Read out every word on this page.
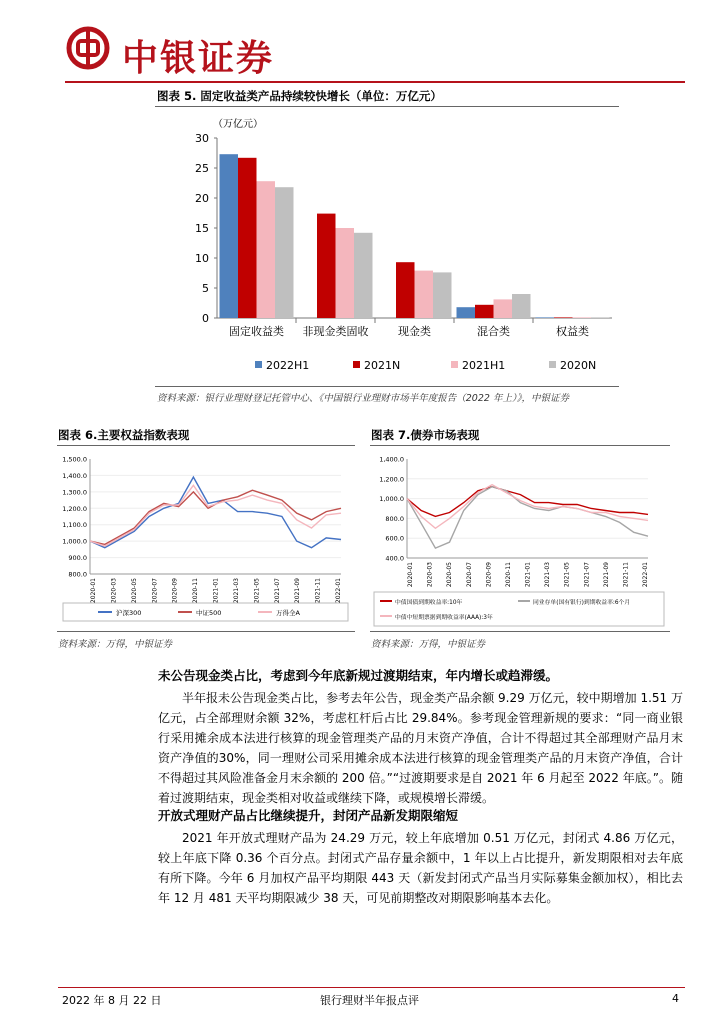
中银证券
图表 5. 固定收益类产品持续较快增长（单位：万亿元）
（万亿元）
0
5
10
15
20
25
30
固定收益类 非现金类固收	现金类	混合类	权益类
2022H1	2021N	2021H1	2020N
资料来源：银行业理财登记托管中心、《中国银行业理财市场半年度报告（2022 年上）》，中银证券
图表 6.主要权益指数表现
1,500.0
1,400.0
1,300.0
1,200.0
1,100.0
1,000.0
900.0
800.0
2020-01 2020-03 2020-05 2020-07 2020-09 2020-11 2021-01 2021-03 2021-05 2021-07 2021-09 2021-11 2022-01
沪深300	中证500	万得全A
资料来源：万得，中银证券
图表 7.债券市场表现
1,400.0
1,200.0
1,000.0
800.0
600.0
400.0
2020-01 2020-03 2020-05 2020-07 2020-09 2020-11 2021-01 2021-03 2021-05 2021-07 2021-09 2021-11 2022-01
中债国债到期收益率:10年	同业存单(国有银行)到期收益率:6个月
中债中短期票据到期收益率(AAA):3年
资料来源：万得，中银证券
未公告现金类占比，考虑到今年底新规过渡期结束，年内增长或趋滞缓。
半年报未公告现金类占比，参考去年公告，现金类产品余额 9.29 万亿元，较中期增加 1.51 万亿元，占全部理财余额 32%，考虑杠杆后占比 29.84%。参考现金管理新规的要求：“同一商业银行采用摊余成本法进行核算的现金管理类产品的月末资产净值，合计不得超过其全部理财产品月末资产净值的30%，同一理财公司采用摊余成本法进行核算的现金管理类产品的月末资产净值，合计不得超过其风险准备金月末余额的 200 倍。”“过渡期要求是自 2021 年 6 月起至 2022 年底。”。随着过渡期结束，现金类相对收益或继续下降，或规模增长滞缓。
开放式理财产品占比继续提升，封闭产品新发期限缩短
2021 年开放式理财产品为 24.29 万元，较上年底增加 0.51 万亿元，封闭式 4.86 万亿元，较上年底下降 0.36 个百分点。封闭式产品存量余额中，1 年以上占比提升，新发期限相对去年底有所下降。今年 6 月加权产品平均期限 443 天（新发封闭式产品当月实际募集金额加权），相比去年 12 月 481 天平均期限减少 38 天，可见前期整改对期限影响基本去化。
2022 年 8 月 22 日	银行理财半年报点评	4
